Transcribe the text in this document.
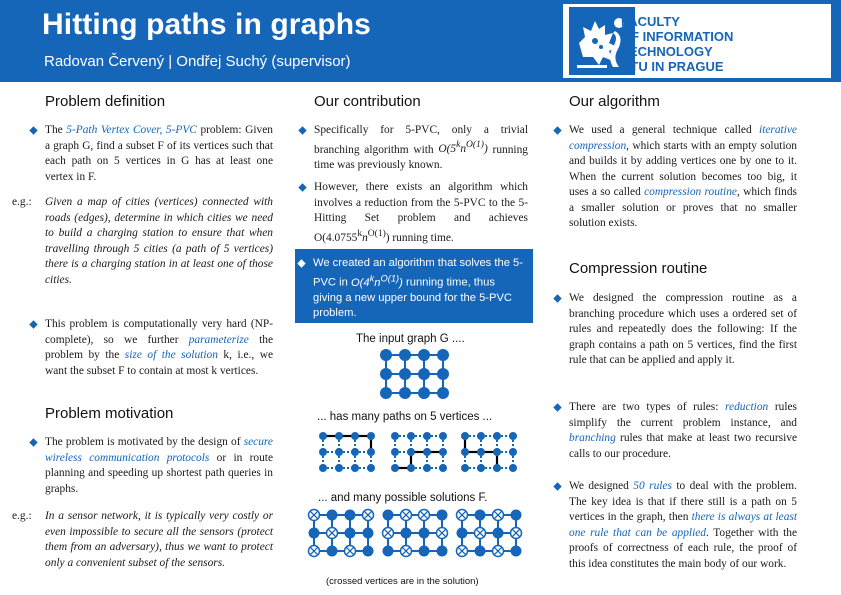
Hitting paths in graphs
Radovan Červený | Ondřej Suchý (supervisor)
FACULTY
OF INFORMATION
TECHNOLOGY
CTU IN PRAGUE
Problem definition
The 5-Path Vertex Cover, 5-PVC problem: Given a graph G, find a subset F of its vertices such that each path on 5 vertices in G has at least one vertex in F.
e.g.: Given a map of cities (vertices) connected with roads (edges), determine in which cities we need to build a charging station to ensure that when travelling through 5 cities (a path of 5 vertices) there is a charging station in at least one of those cities.
This problem is computationally very hard (NP-complete), so we further parameterize the problem by the size of the solution k, i.e., we want the subset F to contain at most k vertices.
Problem motivation
The problem is motivated by the design of secure wireless communication protocols or in route planning and speeding up shortest path queries in graphs.
e.g.: In a sensor network, it is typically very costly or even impossible to secure all the sensors (protect them from an adversary), thus we want to protect only a convenient subset of the sensors.
Our contribution
Specifically for 5-PVC, only a trivial branching algorithm with $O(5^kn^{O(1)})$ running time was previously known.
However, there exists an algorithm which involves a reduction from the 5-PVC to the 5-Hitting Set problem and achieves $O(4.0755^kn^{O(1)})$ running time.
We created an algorithm that solves the 5-PVC in $O(4^kn^{O(1)})$ running time, thus giving a new upper bound for the 5-PVC problem.
The input graph G ....
... has many paths on 5 vertices ...
... and many possible solutions F.
(crossed vertices are in the solution)
Our algorithm
We used a general technique called iterative compression, which starts with an empty solution and builds it by adding vertices one by one to it. When the current solution becomes too big, it uses a so called compression routine, which finds a smaller solution or proves that no smaller solution exists.
Compression routine
We designed the compression routine as a branching procedure which uses a ordered set of rules and repeatedly does the following: If the graph contains a path on 5 vertices, find the first rule that can be applied and apply it.
There are two types of rules: reduction rules simplify the current problem instance, and branching rules that make at least two recursive calls to our procedure.
We designed 50 rules to deal with the problem. The key idea is that if there still is a path on 5 vertices in the graph, then there is always at least one rule that can be applied. Together with the proofs of correctness of each rule, the proof of this idea constitutes the main body of our work.
